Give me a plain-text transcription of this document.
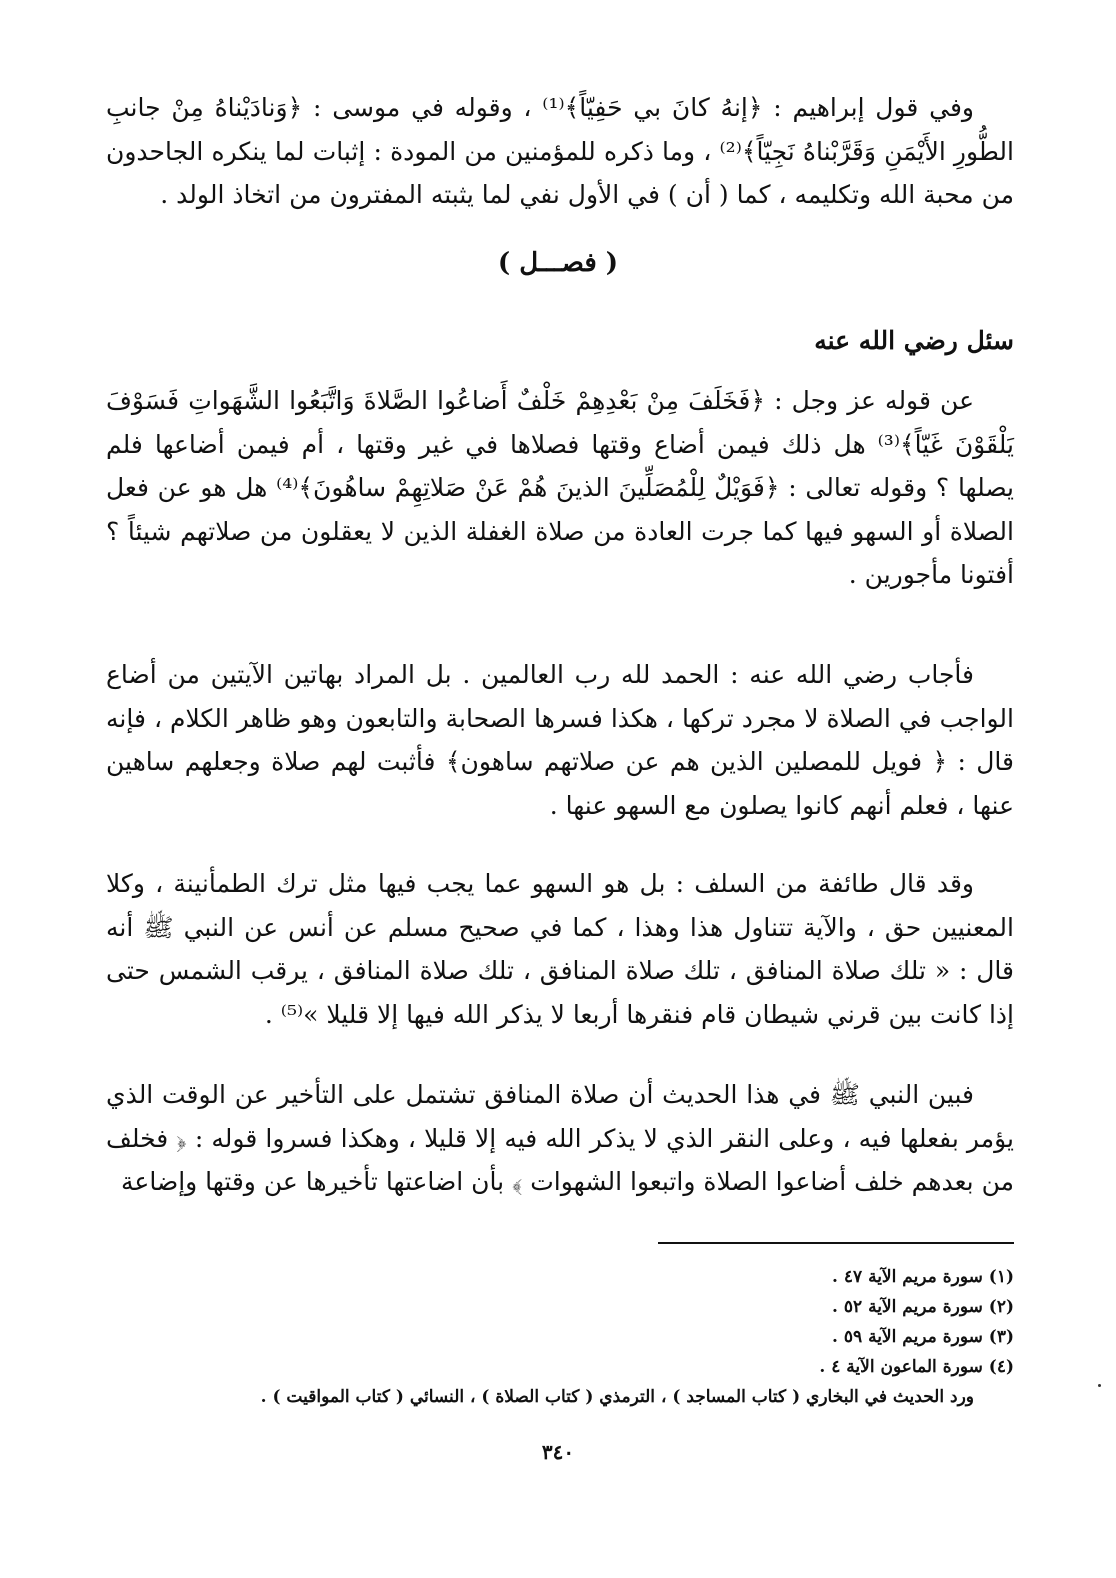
وفي قول إبراهيم : ﴿إنهُ كانَ بي حَفِيّاً﴾⁽¹⁾ ، وقوله في موسى : ﴿وَنادَيْناهُ مِنْ جانبِ الطُّورِ الأَيْمَنِ وَقَرَّبْناهُ نَجِيّاً﴾⁽²⁾ ، وما ذكره للمؤمنين من المودة : إثبات لما ينكره الجاحدون من محبة الله وتكليمه ، كما ( أن ) في الأول نفي لما يثبته المفترون من اتخاذ الولد .

( فصـــل )
سئل رضي الله عنه

عن قوله عز وجل : ﴿فَخَلَفَ مِنْ بَعْدِهِمْ خَلْفٌ أَضاعُوا الصَّلاةَ وَاتَّبَعُوا الشَّهَواتِ فَسَوْفَ يَلْقَوْنَ غَيّاً﴾⁽³⁾ هل ذلك فيمن أضاع وقتها فصلاها في غير وقتها ، أم فيمن أضاعها فلم يصلها ؟ وقوله تعالى : ﴿فَوَيْلٌ لِلْمُصَلِّينَ الذينَ هُمْ عَنْ صَلاتِهِمْ ساهُونَ﴾⁽⁴⁾ هل هو عن فعل الصلاة أو السهو فيها كما جرت العادة من صلاة الغفلة الذين لا يعقلون من صلاتهم شيئاً ؟ أفتونا مأجورين .

فأجاب رضي الله عنه : الحمد لله رب العالمين . بل المراد بهاتين الآيتين من أضاع الواجب في الصلاة لا مجرد تركها ، هكذا فسرها الصحابة والتابعون وهو ظاهر الكلام ، فإنه قال : ﴿ فويل للمصلين الذين هم عن صلاتهم ساهون﴾ فأثبت لهم صلاة وجعلهم ساهين عنها ، فعلم أنهم كانوا يصلون مع السهو عنها .

وقد قال طائفة من السلف : بل هو السهو عما يجب فيها مثل ترك الطمأنينة ، وكلا المعنيين حق ، والآية تتناول هذا وهذا ، كما في صحيح مسلم عن أنس عن النبي ﷺ أنه قال : « تلك صلاة المنافق ، تلك صلاة المنافق ، تلك صلاة المنافق ، يرقب الشمس حتى إذا كانت بين قرني شيطان قام فنقرها أربعا لا يذكر الله فيها إلا قليلا »⁽⁵⁾ .

فبين النبي ﷺ في هذا الحديث أن صلاة المنافق تشتمل على التأخير عن الوقت الذي يؤمر بفعلها فيه ، وعلى النقر الذي لا يذكر الله فيه إلا قليلا ، وهكذا فسروا قوله : ﴿ فخلف من بعدهم خلف أضاعوا الصلاة واتبعوا الشهوات ﴾ بأن اضاعتها تأخيرها عن وقتها وإضاعة

(١) سورة مريم الآية ٤٧ .
(٢) سورة مريم الآية ٥٢ .
(٣) سورة مريم الآية ٥٩ .
(٤) سورة الماعون الآية ٤ .
ورد الحديث في البخاري ( كتاب المساجد ) ، الترمذي ( كتاب الصلاة ) ، النسائي ( كتاب المواقيت ) .
٣٤٠
